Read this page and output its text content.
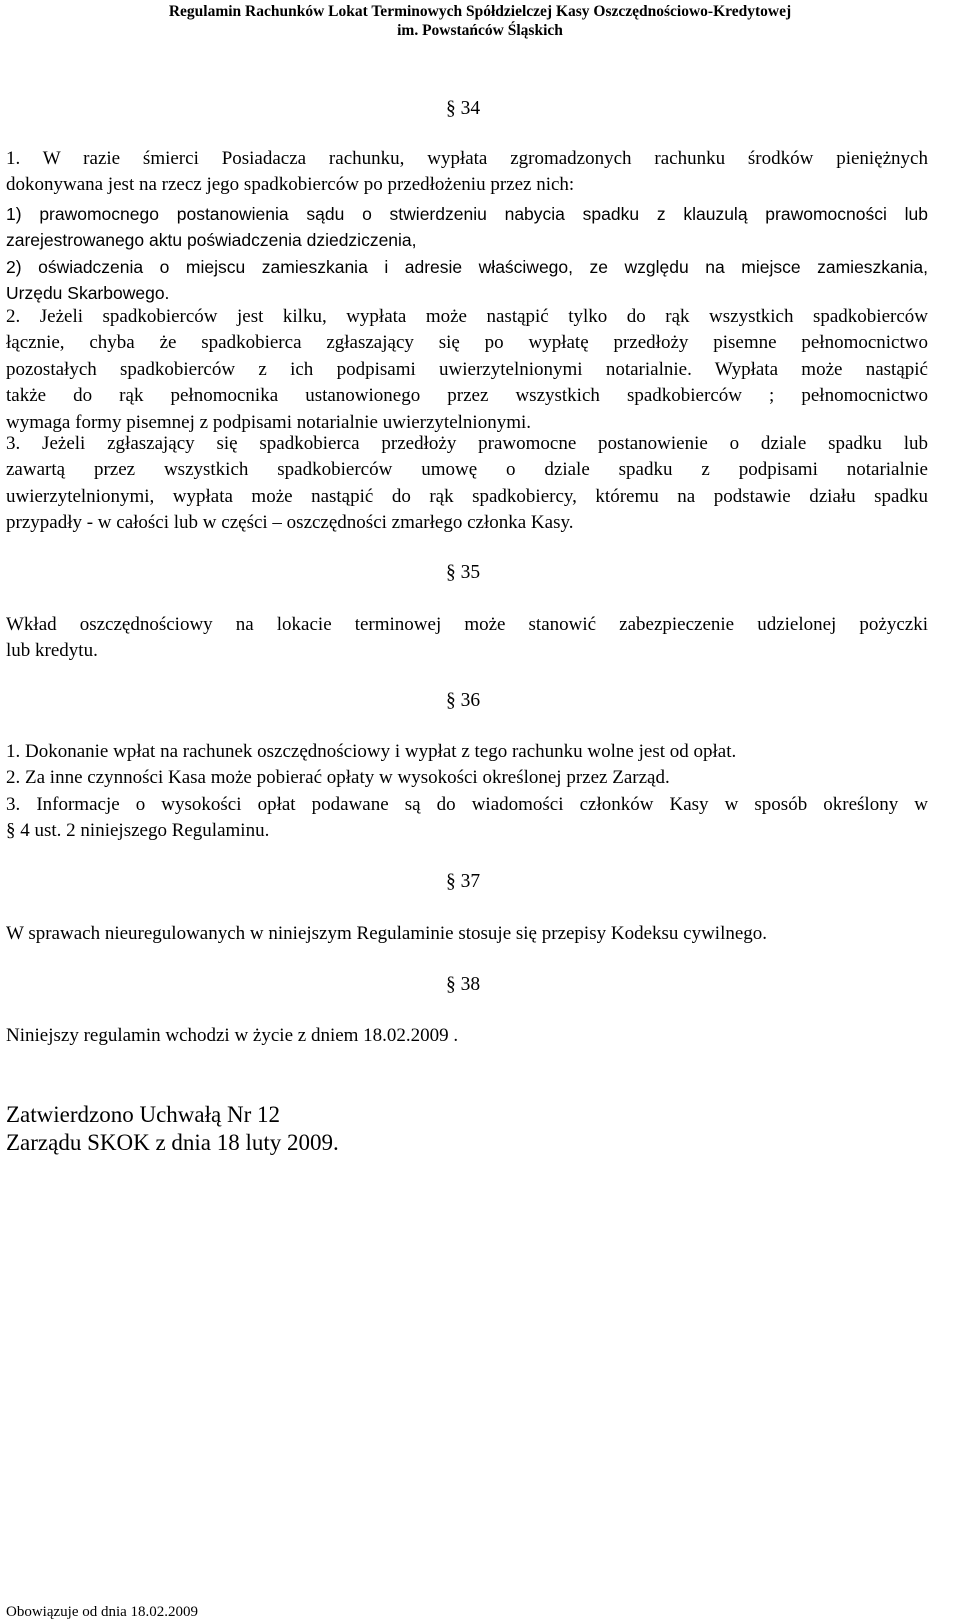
Regulamin Rachunków Lokat Terminowych Spółdzielczej Kasy Oszczędnościowo-Kredytowej
im. Powstańców Śląskich
§ 34
1. W razie śmierci Posiadacza rachunku, wypłata zgromadzonych rachunku środków pieniężnych
dokonywana jest na rzecz jego spadkobierców po przedłożeniu przez nich:
1) prawomocnego postanowienia sądu o stwierdzeniu nabycia spadku z klauzulą prawomocności lub
zarejestrowanego aktu poświadczenia dziedziczenia,
2) oświadczenia o miejscu zamieszkania i adresie właściwego, ze względu na miejsce zamieszkania,
Urzędu Skarbowego.
2. Jeżeli spadkobierców jest kilku, wypłata może nastąpić tylko do rąk wszystkich spadkobierców
łącznie, chyba że spadkobierca zgłaszający się po wypłatę przedłoży pisemne pełnomocnictwo
pozostałych spadkobierców z ich podpisami uwierzytelnionymi notarialnie. Wypłata może nastąpić
także do rąk pełnomocnika ustanowionego przez wszystkich spadkobierców ; pełnomocnictwo
wymaga formy pisemnej z podpisami notarialnie uwierzytelnionymi.
3. Jeżeli zgłaszający się spadkobierca przedłoży prawomocne postanowienie o dziale spadku lub
zawartą przez wszystkich spadkobierców umowę o dziale spadku z podpisami notarialnie
uwierzytelnionymi, wypłata może nastąpić do rąk spadkobiercy, któremu na podstawie działu spadku
przypadły - w całości lub w części – oszczędności zmarłego członka Kasy.
§ 35
Wkład oszczędnościowy na lokacie terminowej może stanowić zabezpieczenie udzielonej pożyczki
lub kredytu.
§ 36
1. Dokonanie wpłat na rachunek oszczędnościowy i wypłat z tego rachunku wolne jest od opłat.
2. Za inne czynności Kasa może pobierać opłaty w wysokości określonej przez Zarząd.
3. Informacje o wysokości opłat podawane są do wiadomości członków Kasy w sposób określony w
§ 4 ust. 2 niniejszego Regulaminu.
§ 37
W sprawach nieuregulowanych w niniejszym Regulaminie stosuje się przepisy Kodeksu cywilnego.
§ 38
Niniejszy regulamin wchodzi w życie z dniem 18.02.2009 .
Zatwierdzono Uchwałą Nr 12
Zarządu SKOK z dnia 18 luty 2009.
Obowiązuje od dnia 18.02.2009
